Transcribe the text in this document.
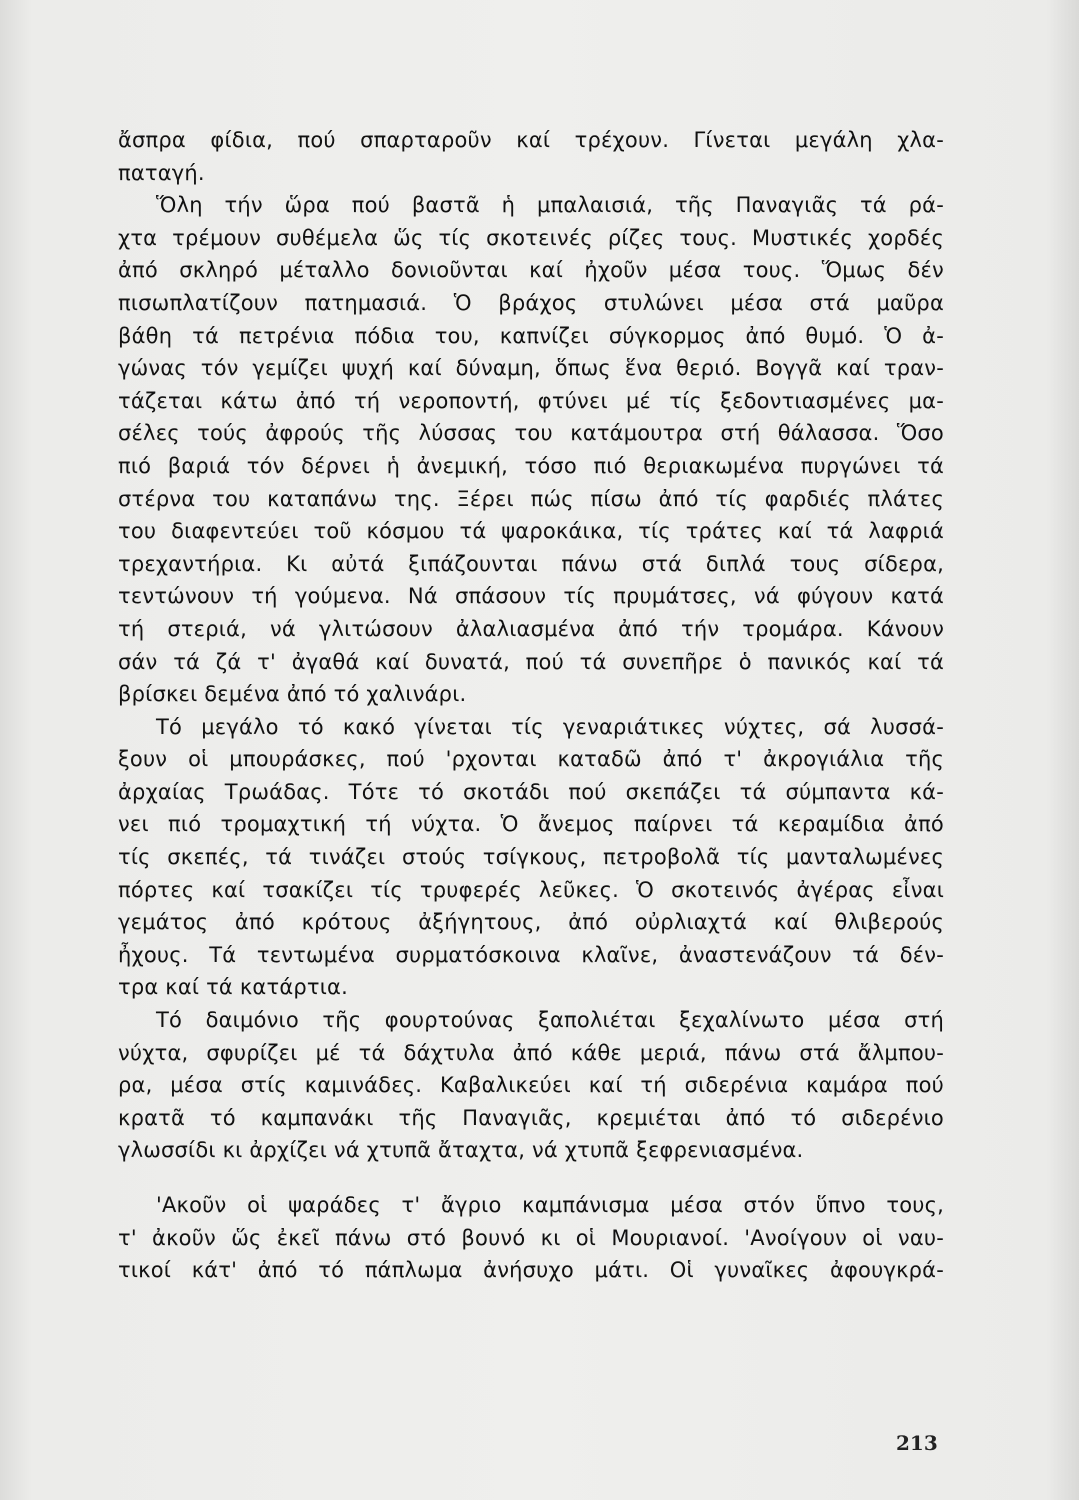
ἄσπρα φίδια, πού σπαρταροῦν καί τρέχουν. Γίνεται μεγάλη χλα-
παταγή.
Ὅλη τήν ὥρα πού βαστᾶ ἡ μπαλαισιά, τῆς Παναγιᾶς τά ρά-
χτα τρέμουν συθέμελα ὥς τίς σκοτεινές ρίζες τους. Μυστικές χορδές
ἀπό σκληρό μέταλλο δονιοῦνται καί ἠχοῦν μέσα τους. Ὅμως δέν
πισωπλατίζουν πατημασιά. Ὁ βράχος στυλώνει μέσα στά μαῦρα
βάθη τά πετρένια πόδια του, καπνίζει σύγκορμος ἀπό θυμό. Ὁ ἀ-
γώνας τόν γεμίζει ψυχή καί δύναμη, ὅπως ἕνα θεριό. Βογγᾶ καί τραν-
τάζεται κάτω ἀπό τή νεροποντή, φτύνει μέ τίς ξεδοντιασμένες μα-
σέλες τούς ἀφρούς τῆς λύσσας του κατάμουτρα στή θάλασσα. Ὅσο
πιό βαριά τόν δέρνει ἡ ἀνεμική, τόσο πιό θεριακωμένα πυργώνει τά
στέρνα του καταπάνω της. Ξέρει πώς πίσω ἀπό τίς φαρδιές πλάτες
του διαφεντεύει τοῦ κόσμου τά ψαροκάικα, τίς τράτες καί τά λαφριά
τρεχαντήρια. Κι αὐτά ξιπάζουνται πάνω στά διπλά τους σίδερα,
τεντώνουν τή γούμενα. Νά σπάσουν τίς πρυμάτσες, νά φύγουν κατά
τή στεριά, νά γλιτώσουν ἀλαλιασμένα ἀπό τήν τρομάρα. Κάνουν
σάν τά ζά τ' ἀγαθά καί δυνατά, πού τά συνεπῆρε ὁ πανικός καί τά
βρίσκει δεμένα ἀπό τό χαλινάρι.
Τό μεγάλο τό κακό γίνεται τίς γεναριάτικες νύχτες, σά λυσσά-
ξουν οἱ μπουράσκες, πού 'ρχονται καταδῶ ἀπό τ' ἀκρογιάλια τῆς
ἀρχαίας Τρωάδας. Τότε τό σκοτάδι πού σκεπάζει τά σύμπαντα κά-
νει πιό τρομαχτική τή νύχτα. Ὁ ἄνεμος παίρνει τά κεραμίδια ἀπό
τίς σκεπές, τά τινάζει στούς τσίγκους, πετροβολᾶ τίς μανταλωμένες
πόρτες καί τσακίζει τίς τρυφερές λεῦκες. Ὁ σκοτεινός ἀγέρας εἶναι
γεμάτος ἀπό κρότους ἀξήγητους, ἀπό οὐρλιαχτά καί θλιβερούς
ἦχους. Τά τεντωμένα συρματόσκοινα κλαῖνε, ἀναστενάζουν τά δέν-
τρα καί τά κατάρτια.
Τό δαιμόνιο τῆς φουρτούνας ξαπολιέται ξεχαλίνωτο μέσα στή
νύχτα, σφυρίζει μέ τά δάχτυλα ἀπό κάθε μεριά, πάνω στά ἄλμπου-
ρα, μέσα στίς καμινάδες. Καβαλικεύει καί τή σιδερένια καμάρα πού
κρατᾶ τό καμπανάκι τῆς Παναγιᾶς, κρεμιέται ἀπό τό σιδερένιο
γλωσσίδι κι ἀρχίζει νά χτυπᾶ ἄταχτα, νά χτυπᾶ ξεφρενιασμένα.
'Ακοῦν οἱ ψαράδες τ' ἄγριο καμπάνισμα μέσα στόν ὕπνο τους,
τ' ἀκοῦν ὥς ἐκεῖ πάνω στό βουνό κι οἱ Μουριανοί. 'Ανοίγουν οἱ ναυ-
τικοί κάτ' ἀπό τό πάπλωμα ἀνήσυχο μάτι. Οἱ γυναῖκες ἀφουγκρά-
213
